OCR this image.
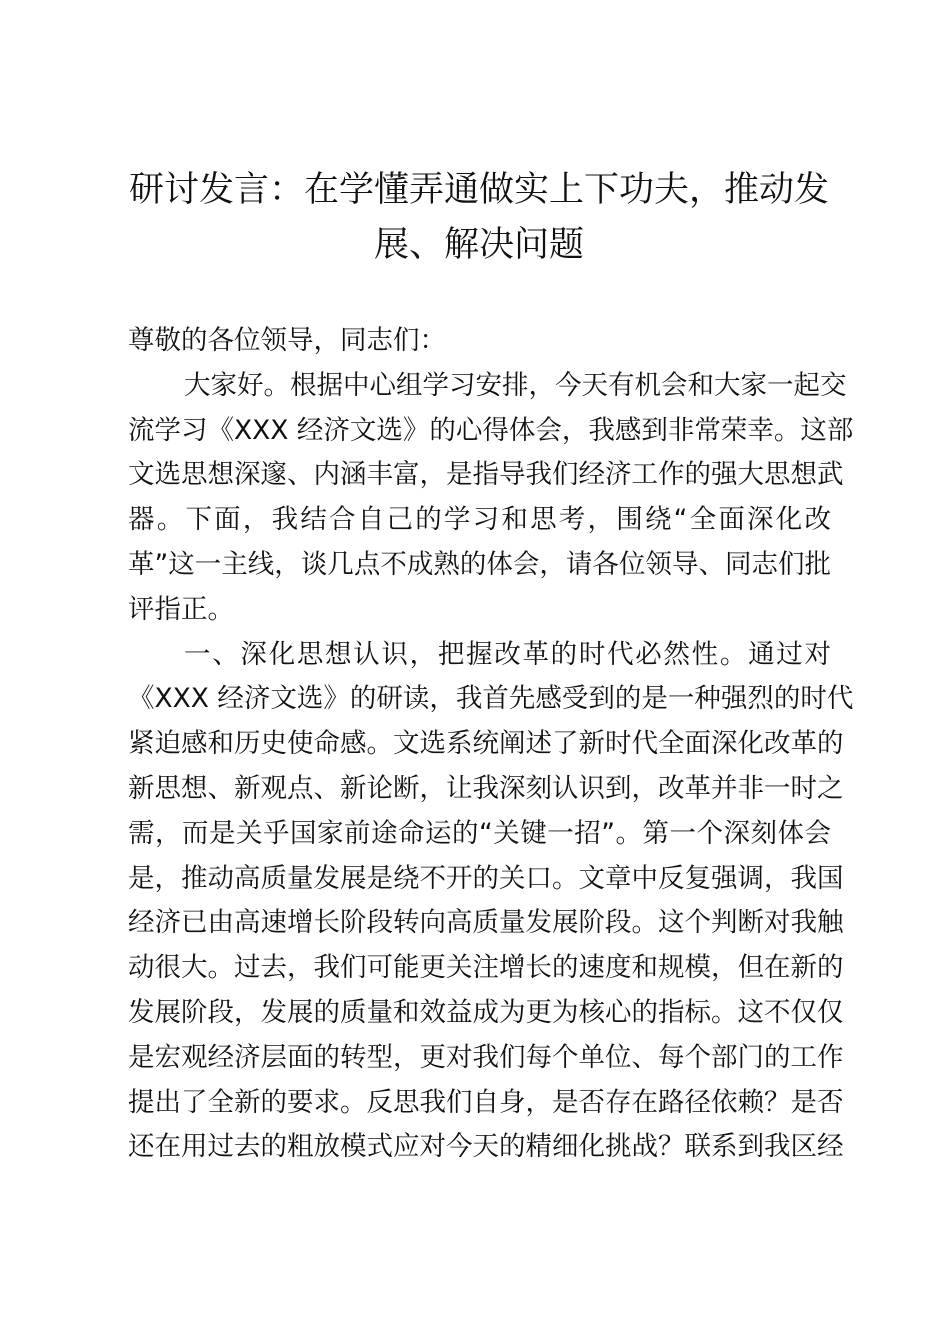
研讨发言：在学懂弄通做实上下功夫，推动发
展、解决问题
尊敬的各位领导，同志们：
大家好。根据中心组学习安排，今天有机会和大家一起交
流学习《XXX 经济文选》的心得体会，我感到非常荣幸。这部
文选思想深邃、内涵丰富，是指导我们经济工作的强大思想武
器。下面，我结合自己的学习和思考，围绕“全面深化改
革”这一主线，谈几点不成熟的体会，请各位领导、同志们批
评指正。
一、深化思想认识，把握改革的时代必然性。通过对
《XXX 经济文选》的研读，我首先感受到的是一种强烈的时代
紧迫感和历史使命感。文选系统阐述了新时代全面深化改革的
新思想、新观点、新论断，让我深刻认识到，改革并非一时之
需，而是关乎国家前途命运的“关键一招”。第一个深刻体会
是，推动高质量发展是绕不开的关口。文章中反复强调，我国
经济已由高速增长阶段转向高质量发展阶段。这个判断对我触
动很大。过去，我们可能更关注增长的速度和规模，但在新的
发展阶段，发展的质量和效益成为更为核心的指标。这不仅仅
是宏观经济层面的转型，更对我们每个单位、每个部门的工作
提出了全新的要求。反思我们自身，是否存在路径依赖？是否
还在用过去的粗放模式应对今天的精细化挑战？联系到我区经
